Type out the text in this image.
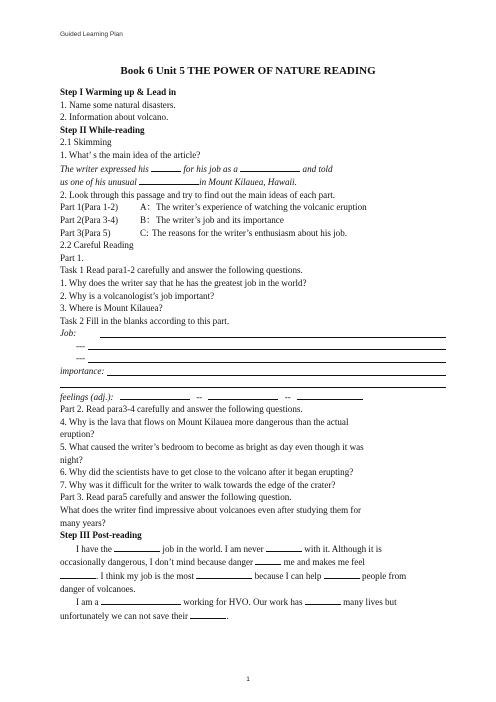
Guided Learning Plan
Book 6 Unit 5 THE POWER OF NATURE READING
Step I Warming up & Lead in
1. Name some natural disasters.
2. Information about volcano.
Step II While-reading
2.1 Skimming
1. What’ s the main idea of the article?
The writer expressed his	for his job as a	and told
us one of his unusual	in Mount Kilauea, Hawaii.
2. Look through this passage and try to find out the main ideas of each part.
Part 1(Para 1-2) A：The writer’s experience of watching the volcanic eruption
Part 2(Para 3-4) B：The writer’s job and its importance
Part 3(Para 5)	C: The reasons for the writer’s enthusiasm about his job.
2.2 Careful Reading
Part 1.
Task 1 Read para1-2 carefully and answer the following questions.
1. Why does the writer say that he has the greatest job in the world?
2. Why is a volcanologist’s job important?
3. Where is Mount Kilauea?
Task 2 Fill in the blanks according to this part.
Job:
---
---
importance:
feelings (adj.):	--	--
Part 2. Read para3-4 carefully and answer the following questions.
4. Why is the lava that flows on Mount Kilauea more dangerous than the actual
eruption?
5. What caused the writer’s bedroom to become as bright as day even though it was
night?
6. Why did the scientists have to get close to the volcano after it began erupting?
7. Why was it difficult for the writer to walk towards the edge of the crater?
Part 3. Read para5 carefully and answer the following question.
What does the writer find impressive about volcanoes even after studying them for
many years?
Step III Post-reading
I have the	job in the world. I am never	with it. Although it is
occasionally dangerous, I don’t mind because danger	me and makes me feel
. I think my job is the most	because I can help	people from
danger of volcanoes.
I am a	working for HVO. Our work has	many lives but
unfortunately we can not save their	.
1
